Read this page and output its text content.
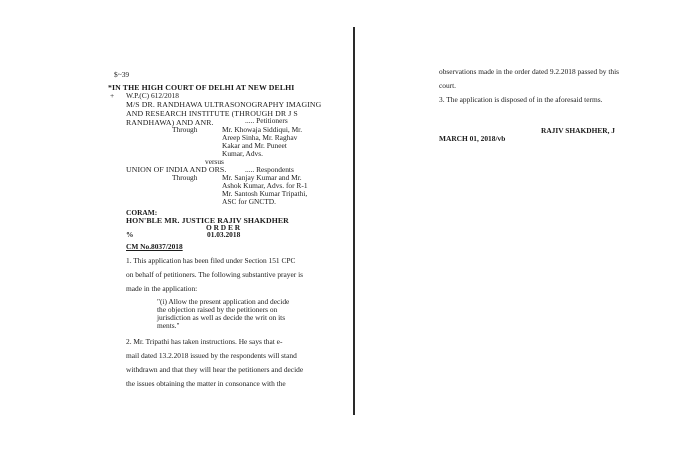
$~39
*IN THE HIGH COURT OF DELHI AT NEW DELHI
+ W.P.(C) 612/2018
M/S DR. RANDHAWA ULTRASONOGRAPHY IMAGING
AND RESEARCH INSTITUTE (THROUGH DR J S
RANDHAWA) AND ANR.	..... Petitioners
Through	Mr. Khowaja Siddiqui, Mr.
Areep Sinha, Mr. Raghav
Kakar and Mr. Puneet
Kumar, Advs.
versus
UNION OF INDIA AND ORS.	..... Respondents
Through	Mr. Sanjay Kumar and Mr.
Ashok Kumar, Advs. for R-1
Mr. Santosh Kumar Tripathi,
ASC for GNCTD.
CORAM:
HON'BLE MR. JUSTICE RAJIV SHAKDHER
O R D E R
%	01.03.2018
CM No.8037/2018
1. This application has been filed under Section 151 CPC
on behalf of petitioners. The following substantive prayer is
made in the application:
"(i) Allow the present application and decide
the objection raised by the petitioners on
jurisdiction as well as decide the writ on its
ments."
2. Mr. Tripathi has taken instructions. He says that e-
mail dated 13.2.2018 issued by the respondents will stand
withdrawn and that they will hear the petitioners and decide
the issues obtaining the matter in consonance with the
observations made in the order dated 9.2.2018 passed by this
court.
3. The application is disposed of in the aforesaid terms.
RAJIV SHAKDHER, J
MARCH 01, 2018/vb
